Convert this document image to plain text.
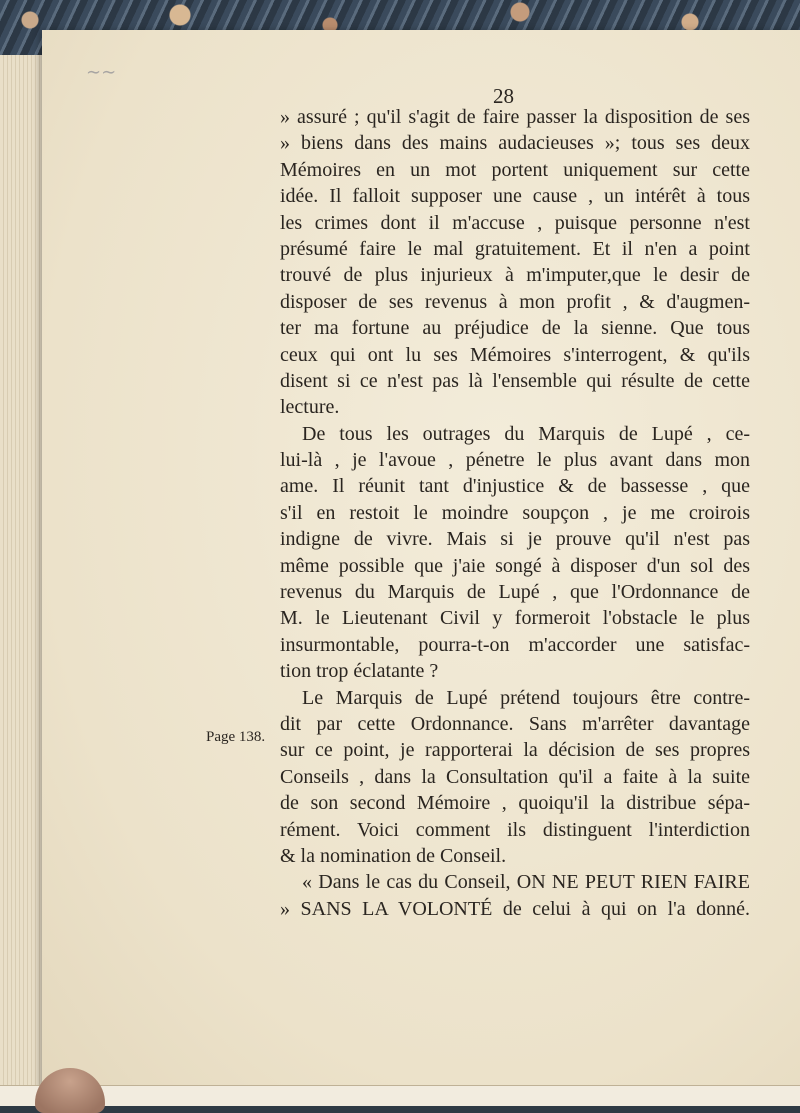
∼∼

28

Page 138.
» assuré ; qu'il s'agit de faire passer la disposition de ses
» biens dans des mains audacieuses »; tous ses deux
Mémoires en un mot portent uniquement sur cette
idée. Il falloit supposer une cause , un intérêt à tous
les crimes dont il m'accuse , puisque personne n'est
présumé faire le mal gratuitement. Et il n'en a point
trouvé de plus injurieux à m'imputer,que le desir de
disposer de ses revenus à mon profit , & d'augmen-
ter ma fortune au préjudice de la sienne. Que tous
ceux qui ont lu ses Mémoires s'interrogent, & qu'ils
disent si ce n'est pas là l'ensemble qui résulte de cette
lecture.
De tous les outrages du Marquis de Lupé , ce-
lui-là , je l'avoue , pénetre le plus avant dans mon
ame. Il réunit tant d'injustice & de bassesse , que
s'il en restoit le moindre soupçon , je me croirois
indigne de vivre. Mais si je prouve qu'il n'est pas
même possible que j'aie songé à disposer d'un sol des
revenus du Marquis de Lupé , que l'Ordonnance de
M. le Lieutenant Civil y formeroit l'obstacle le plus
insurmontable, pourra-t-on m'accorder une satisfac-
tion trop éclatante ?
Le Marquis de Lupé prétend toujours être contre-
dit par cette Ordonnance. Sans m'arrêter davantage
sur ce point, je rapporterai la décision de ses propres
Conseils , dans la Consultation qu'il a faite à la suite
de son second Mémoire , quoiqu'il la distribue sépa-
rément. Voici comment ils distinguent l'interdiction
& la nomination de Conseil.
« Dans le cas du Conseil, ON NE PEUT RIEN FAIRE
» SANS LA VOLONTÉ de celui à qui on l'a donné.
